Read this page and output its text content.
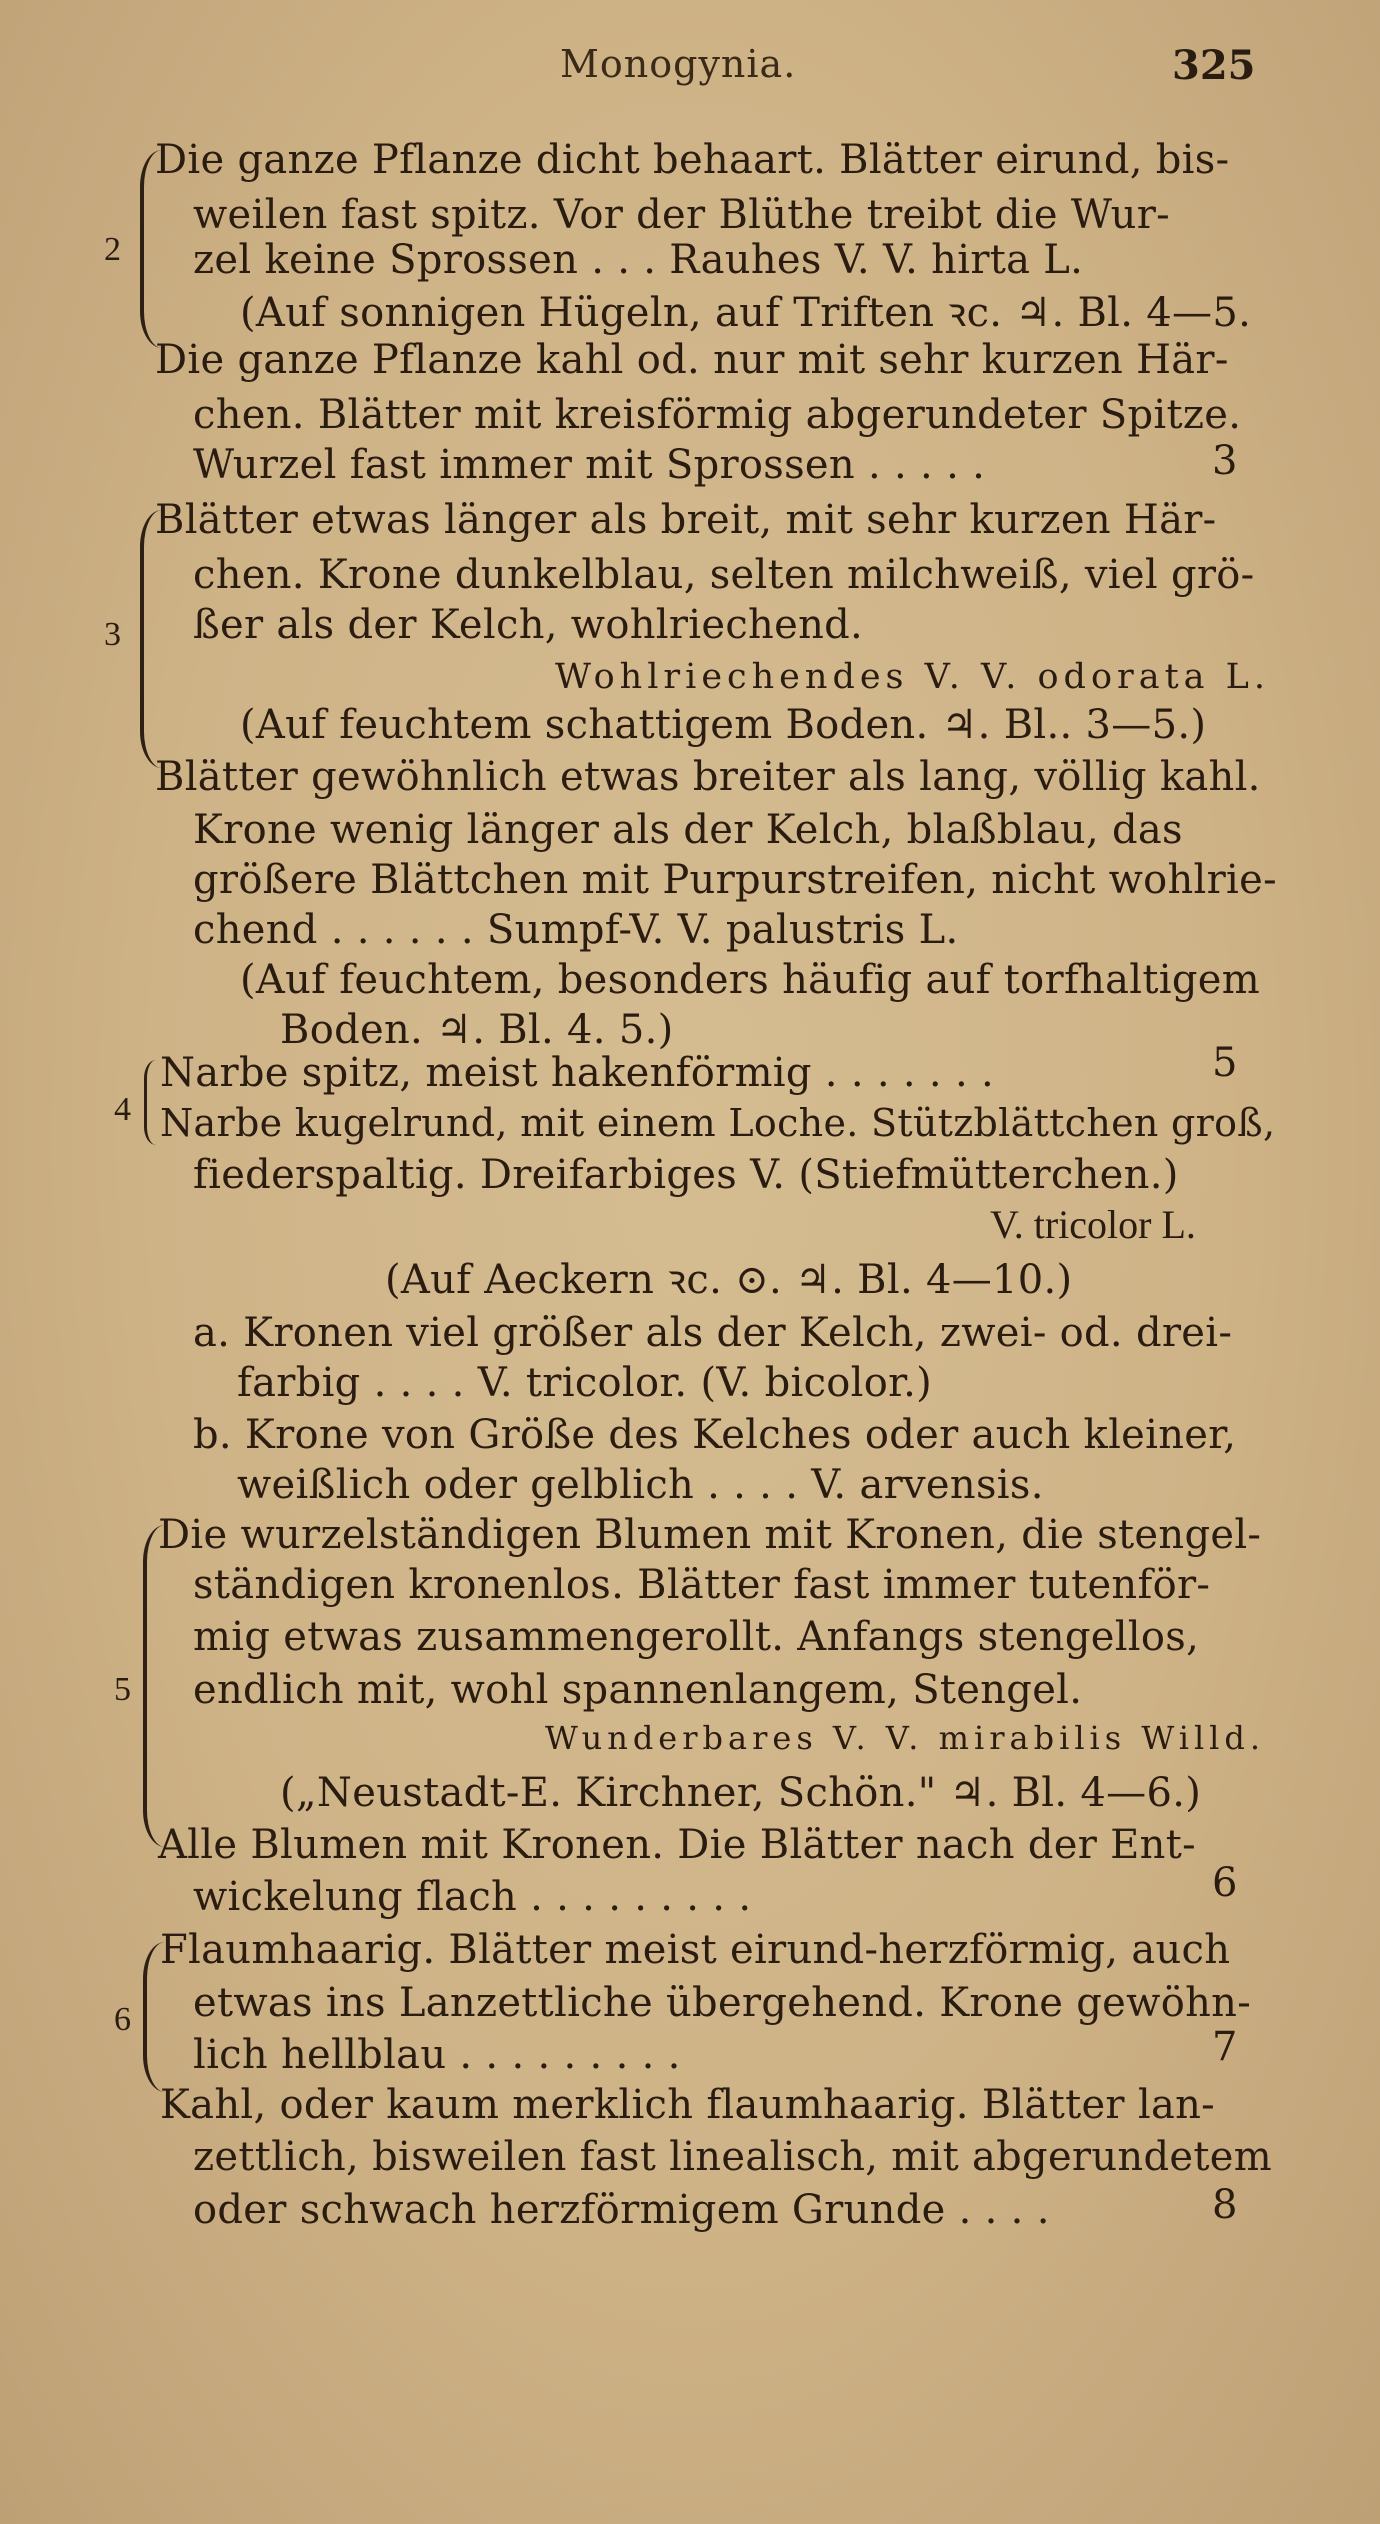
Monogynia.	325
2
Die ganze Pflanze dicht behaart. Blätter eirund, bis-
weilen fast spitz. Vor der Blüthe treibt die Wur-
zel keine Sprossen . . . Rauhes V. V. hirta L.
(Auf sonnigen Hügeln, auf Triften ꝛc. ♃. Bl. 4—5.
Die ganze Pflanze kahl od. nur mit sehr kurzen Här-
chen. Blätter mit kreisförmig abgerundeter Spitze.
Wurzel fast immer mit Sprossen . . . . .	3
3
Blätter etwas länger als breit, mit sehr kurzen Här-
chen. Krone dunkelblau, selten milchweiß, viel grö-
ßer als der Kelch, wohlriechend.
Wohlriechendes V. V. odorata L.
(Auf feuchtem schattigem Boden. ♃. Bl.. 3—5.)
Blätter gewöhnlich etwas breiter als lang, völlig kahl.
Krone wenig länger als der Kelch, blaßblau, das
größere Blättchen mit Purpurstreifen, nicht wohlrie-
chend . . . . . . Sumpf-V. V. palustris L.
(Auf feuchtem, besonders häufig auf torfhaltigem
Boden. ♃. Bl. 4. 5.)
4
Narbe spitz, meist hakenförmig . . . . . . .	5
Narbe kugelrund, mit einem Loche. Stützblättchen groß,
fiederspaltig. Dreifarbiges V. (Stiefmütterchen.)
V. tricolor L.
(Auf Aeckern ꝛc. ⊙. ♃. Bl. 4—10.)
a. Kronen viel größer als der Kelch, zwei- od. drei-
farbig . . . . V. tricolor. (V. bicolor.)
b. Krone von Größe des Kelches oder auch kleiner,
weißlich oder gelblich . . . . V. arvensis.
5
Die wurzelständigen Blumen mit Kronen, die stengel-
ständigen kronenlos. Blätter fast immer tutenför-
mig etwas zusammengerollt. Anfangs stengellos,
endlich mit, wohl spannenlangem, Stengel.
Wunderbares V. V. mirabilis Willd.
(„Neustadt-E. Kirchner, Schön." ♃. Bl. 4—6.)
Alle Blumen mit Kronen. Die Blätter nach der Ent-
wickelung flach . . . . . . . . .	6
6
Flaumhaarig. Blätter meist eirund-herzförmig, auch
etwas ins Lanzettliche übergehend. Krone gewöhn-
lich hellblau . . . . . . . . .	7
Kahl, oder kaum merklich flaumhaarig. Blätter lan-
zettlich, bisweilen fast linealisch, mit abgerundetem
oder schwach herzförmigem Grunde . . . .	8
